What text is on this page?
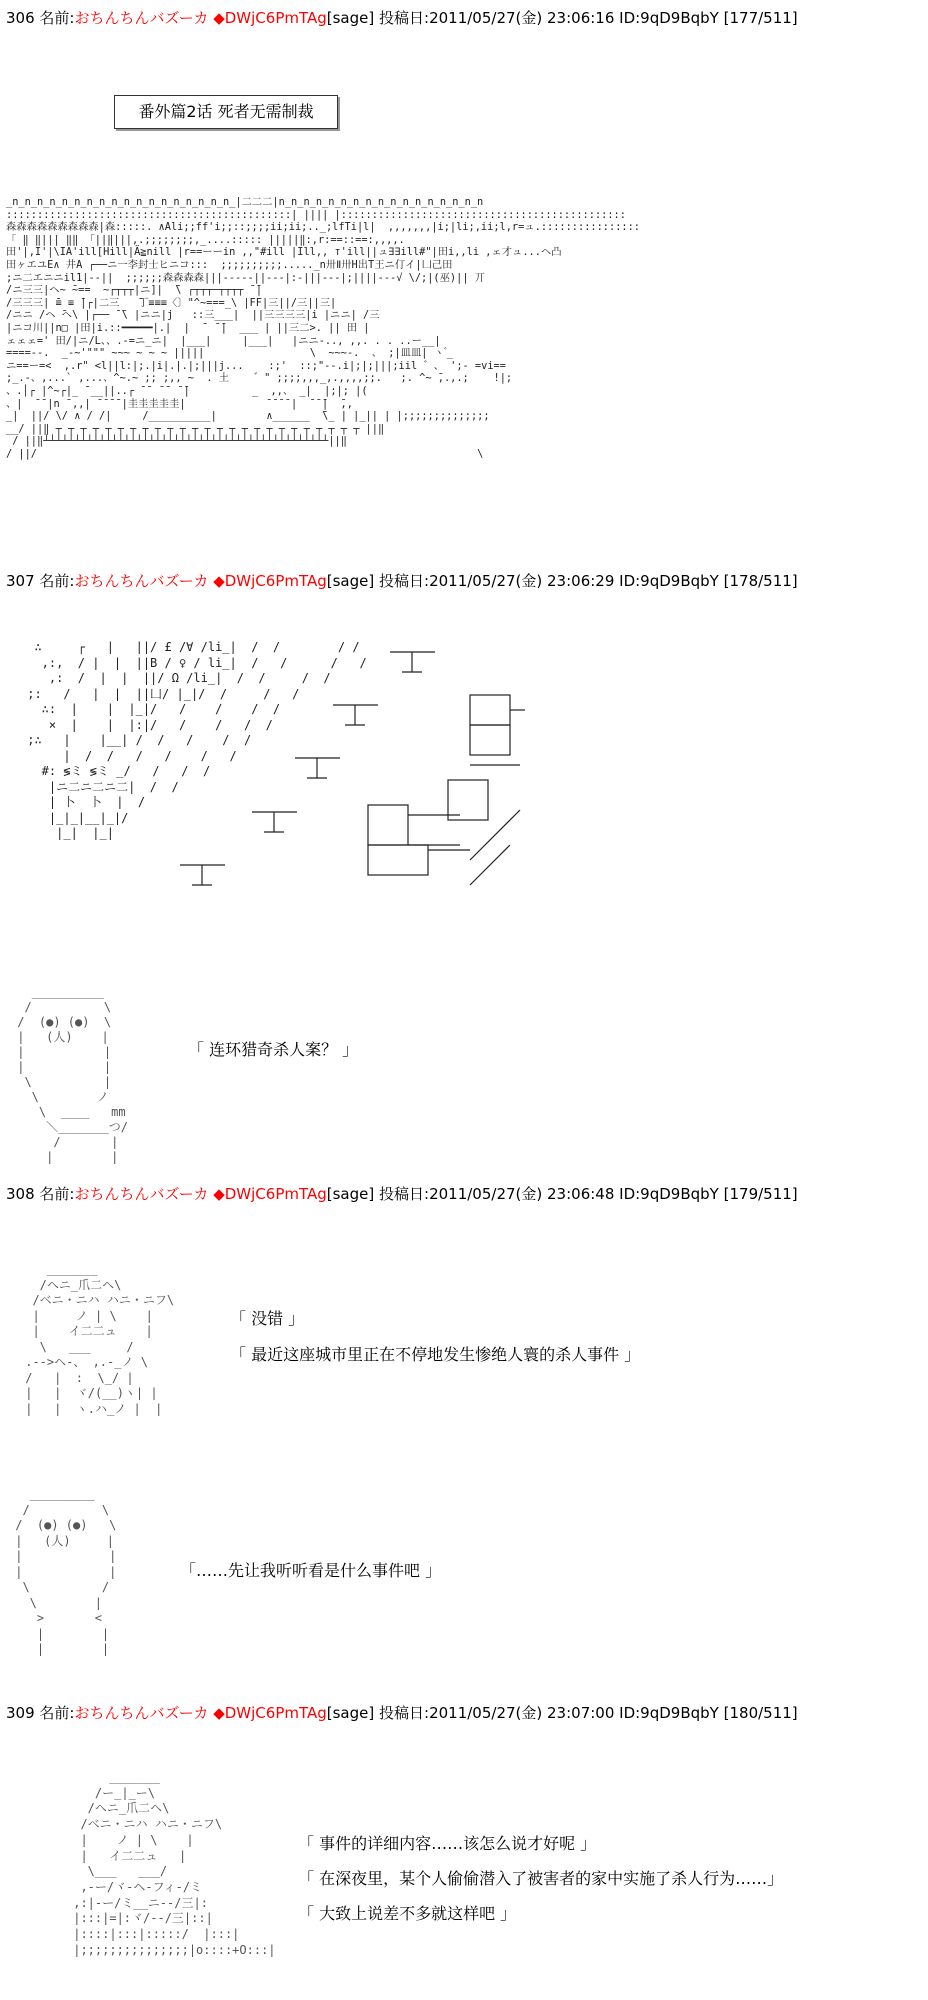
306 名前:おちんちんバズーカ ◆DWjC6PmTAg[sage] 投稿日:2011/05/27(金) 23:06:16 ID:9qD9BqbY [177/511]
番外篇2话 死者无需制裁
_n_n_n_n_n_n_n_n_n_n_n_n_n_n_n_n_n_n_|二二二|n_n_n_n_n_n_n_n_n_n_n_n_n_n_n_n_n
::::::::::::::::::::::::::::::::::::::::::::::| |||| |::::::::::::::::::::::::::::::::::::::::::::::
森森森森森森森森森|森:::::. ∧Ali;;ff'i;;::;;;;ii;ii;.._;lfTi|l|  ,,,,,,,|i;|li;,ii;l,r=ュ.::::::::::::::::
「 ‖ ‖||| ‖‖ 「||‖|||,.;;;;;;;;,_....::::: |||||‖:,r:==::==:,,,,.
田'|,I'|\IA'ill[Hill|Ä≧nill |r==ーーin ,,"#ill |Ill,, т'ill||ュ∃∃ill#"|田i,,li ,ェ才ュ...ヘ凸
田ヶエユE∧ 井A ┌──ニ一李封士ヒニコ:::  ;;;;;;;;;;....._n卅Ⅱ卅H出T王ニ仃イ|凵己田
;ニ二エニニil1|--||  ;;;;;;森森森森|||-----||---|:-|||---|;||||---√ \/;|(巫)|| 丌
/ニ三三|ヘ~ ̄~==  ~┌┬┬┬|ニ]|  ̄\ ┌┬┬┬─┬┬┬┬ ̄ ̄|
/三三三| ̄≡ ≡ ̄|┌|二三   ̄丁≡≡≡〈〕"^~===_\ |FF|三||/三||三|
/ニニ /ヘ ̄へ\ |┌── ̄ ̄\ |ニニ|j   ::三___|  ||三三三三|i |ニニ| /三
|ニコ川||n□ |田|i.::━━━━━|.|  |  ̄  ̄ ̄|  ___ | ||三二>. || 田 |
ェェェ=' 田/|ニ/L、、.-=ニ_ニ|  |___|     |___|   |ニニ-.., ,,. . . ..ー__|
====--.  _-~'""" ~~~ ~ ~ ~ |||||                 \  ~~~-.  、 ;|皿皿| ヽ ゙_
ニ==ー=<  ,.r" <l||l:|;.|i|.|.|;|||j...    :;'  ::;"--.i|;|;|||;iil ゛、 ';- =vi==
;_.-、,...` ,...、^~.~ ;; ;,, ~  . 土    ゛" ;;;;,,,_,.,,,,;;.   ;. ^~ ̄,.,.;    !|;
、.│┌ |^~┌|_ ̄ __||..┌ ̄ ̄  ̄ ̄  ̄ ̄|          _  ,,、 _|  |;|; |(
、|  ̄ ̄ |n ̄ ,,| ̄ ̄ ̄ ̄ |圭圭圭圭圭|             ̄ ̄ ̄ ̄ |  ̄ ̄ ̄|  ̄,,
_|  ||/ \/ ∧ / /|     /__________|        ∧______  ̄\_ | |_|| | |;;;;;;;;;;;;;;
__/ ||‖ ┬ ┬ ┬ ┬ ┬ ┬ ┬ ┬ ┬ ┬ ┬ ┬ ┬ ┬ ┬ ┬ ┬ ┬ ┬ ┬ ┬ ┬ ┬ ┬ ┬ ||‖
/ ||‖┴┴┴┴┴┴┴┴┴┴┴┴┴┴┴┴┴┴┴┴┴┴┴┴┴┴┴┴┴┴┴┴┴┴┴┴┴┴┴┴┴┴┴┴┴┴||‖
/ ||/                                                                       \
307 名前:おちんちんバズーカ ◆DWjC6PmTAg[sage] 投稿日:2011/05/27(金) 23:06:29 ID:9qD9BqbY [178/511]
∴     ┌   |   ||/ £ /∀ /li_|  /  /        / /
,:,  / |  |  ||B / ♀ / li_|  /   /      /   /
,:  /  |  |  ||/ Ω /li_|  /  /     /  /
;:   /   |  |  ||凵/ |_|/  /     /   /
∴:  |    |  |_|/   /    /    /  /
×  |    |  |:|/   /    /   /  /
;∴   |    |__| /  /   /    /  /
|  /  /   /   /    /   /
#: ≶ミ ≶ミ _/   /   /  /
|ニ二ニ二ニ二|  /  /
| 卜  卜  |  /
|_|_|__|_|/
|_|  |_|
__________
/          \
/  (●) (●)  \
|   (人)    |
|           |
|           |
\          |
\        ノ
\  ____   mm
＼_______つ/
/       |
|        |
「 连环猎奇杀人案？ 」
308 名前:おちんちんバズーカ ◆DWjC6PmTAg[sage] 投稿日:2011/05/27(金) 23:06:48 ID:9qD9BqbY [179/511]
_______
/ヘニ_爪二ヘ\
/ベニ・ニハ ハニ・ニフ\
|     ノ | \    |
|    イ二二ュ    |
\   ___     /
.-->ヘ-、 ,.-_ノ \
/   |  :  \_/ |
|   |  ヾ/(__)ヽ| |
|   |  ヽ.ハ_ノ |  |
「 没错 」
「 最近这座城市里正在不停地发生惨绝人寰的杀人事件 」
_________
/          \
/  (●) (●)   \
|   (人)     |
|            |
|            |
\          /
\        |
>       <
|        |
|        |
「……先让我听听看是什么事件吧 」
309 名前:おちんちんバズーカ ◆DWjC6PmTAg[sage] 投稿日:2011/05/27(金) 23:07:00 ID:9qD9BqbY [180/511]
_______
/ー_|_ー\
/ヘニ_爪二ヘ\
/ベニ・ニハ ハニ・ニフ\
|    ノ | \    |
|   イ二二ュ   |
\___   ___/
,-ー/ヾ-ヘ-フィ-/ミ
,:|-ー/ミ__ニ--/三|:
|:::|=|:ヾ/--/三|::|
|::::|:::|:::::/  |:::|
|;;;;;;;;;;;;;;;|o::::+O:::|
「 事件的详细内容……该怎么说才好呢 」
「 在深夜里，某个人偷偷潜入了被害者的家中实施了杀人行为……」
「 大致上说差不多就这样吧 」
